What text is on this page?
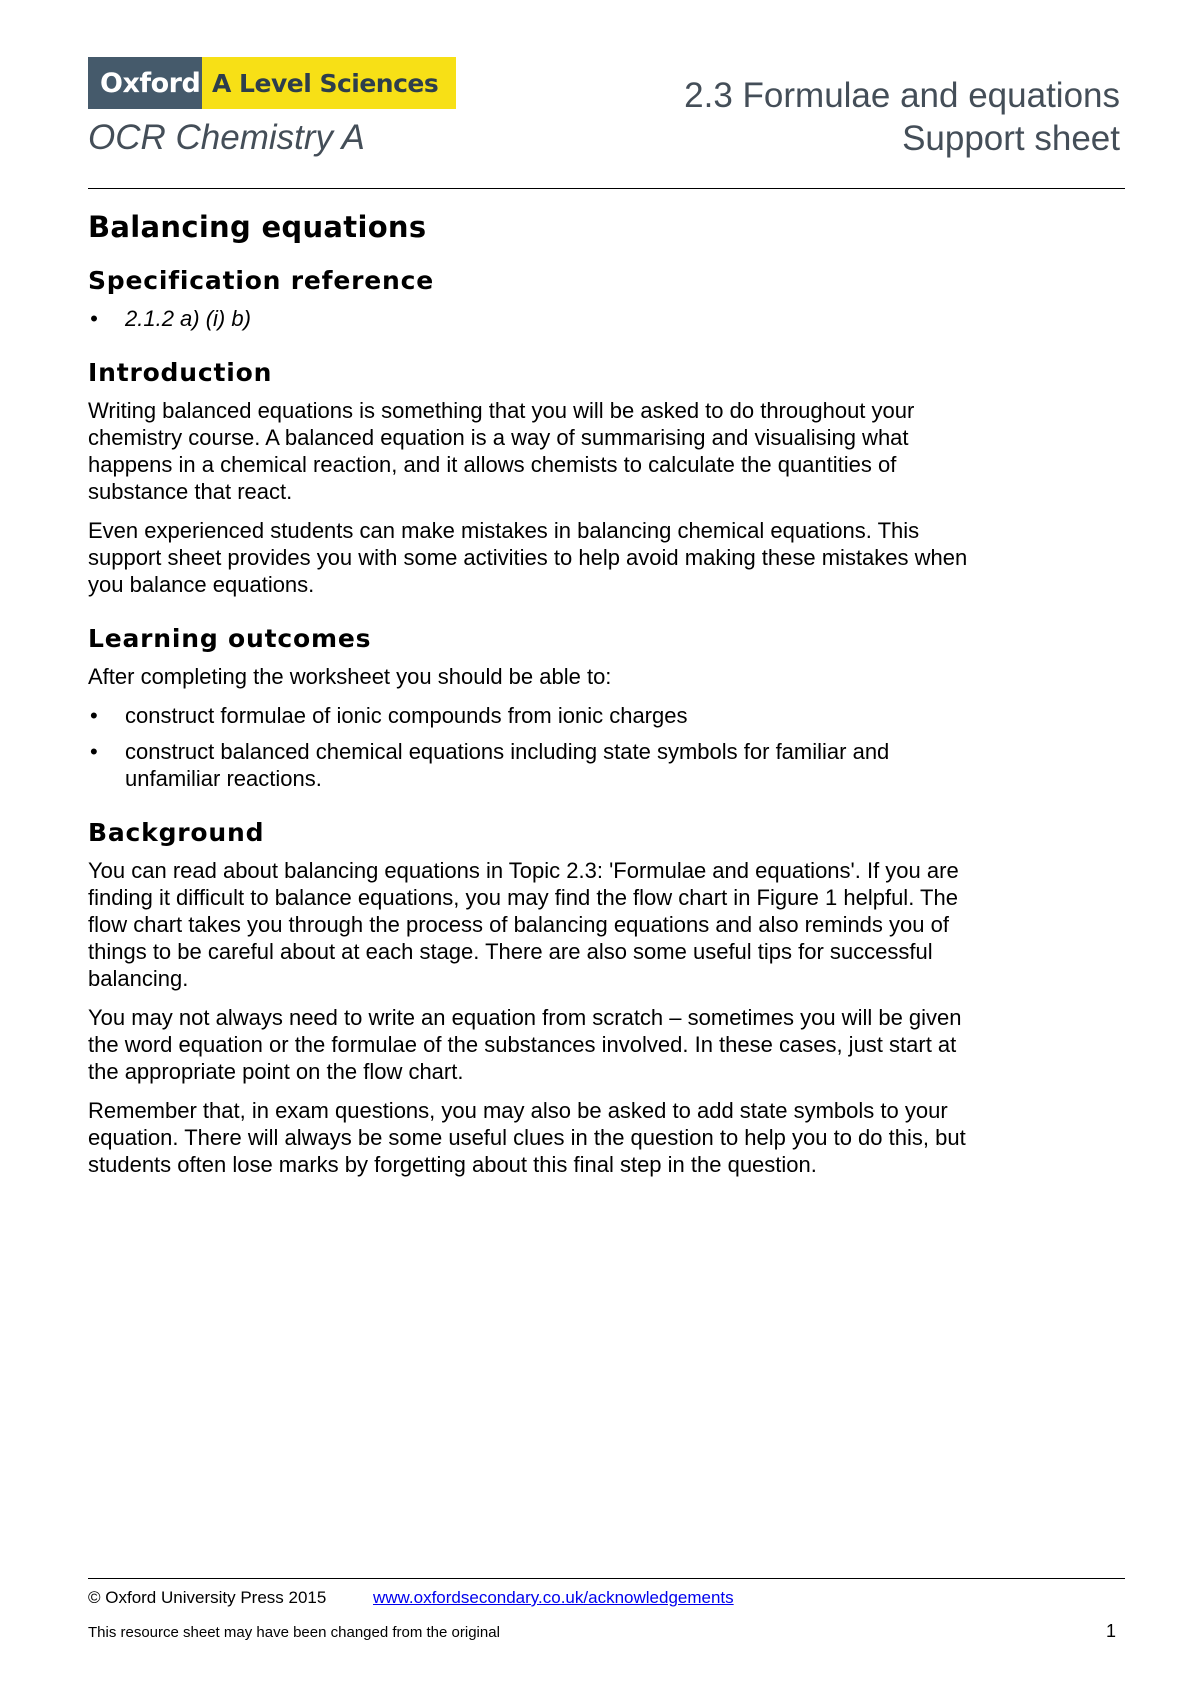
Oxford A Level Sciences
OCR Chemistry A
2.3 Formulae and equations
Support sheet
Balancing equations
Specification reference
• 2.1.2 a) (i) b)
Introduction

Writing balanced equations is something that you will be asked to do throughout your chemistry course. A balanced equation is a way of summarising and visualising what happens in a chemical reaction, and it allows chemists to calculate the quantities of substance that react.

Even experienced students can make mistakes in balancing chemical equations. This support sheet provides you with some activities to help avoid making these mistakes when you balance equations.

Learning outcomes

After completing the worksheet you should be able to:

• construct formulae of ionic compounds from ionic charges
• construct balanced chemical equations including state symbols for familiar and unfamiliar reactions.
Background

You can read about balancing equations in Topic 2.3: 'Formulae and equations'. If you are finding it difficult to balance equations, you may find the flow chart in Figure 1 helpful. The flow chart takes you through the process of balancing equations and also reminds you of things to be careful about at each stage. There are also some useful tips for successful balancing.

You may not always need to write an equation from scratch – sometimes you will be given the word equation or the formulae of the substances involved. In these cases, just start at the appropriate point on the flow chart.

Remember that, in exam questions, you may also be asked to add state symbols to your equation. There will always be some useful clues in the question to help you to do this, but students often lose marks by forgetting about this final step in the question.

© Oxford University Press 2015	www.oxfordsecondary.co.uk/acknowledgements
This resource sheet may have been changed from the original	1
